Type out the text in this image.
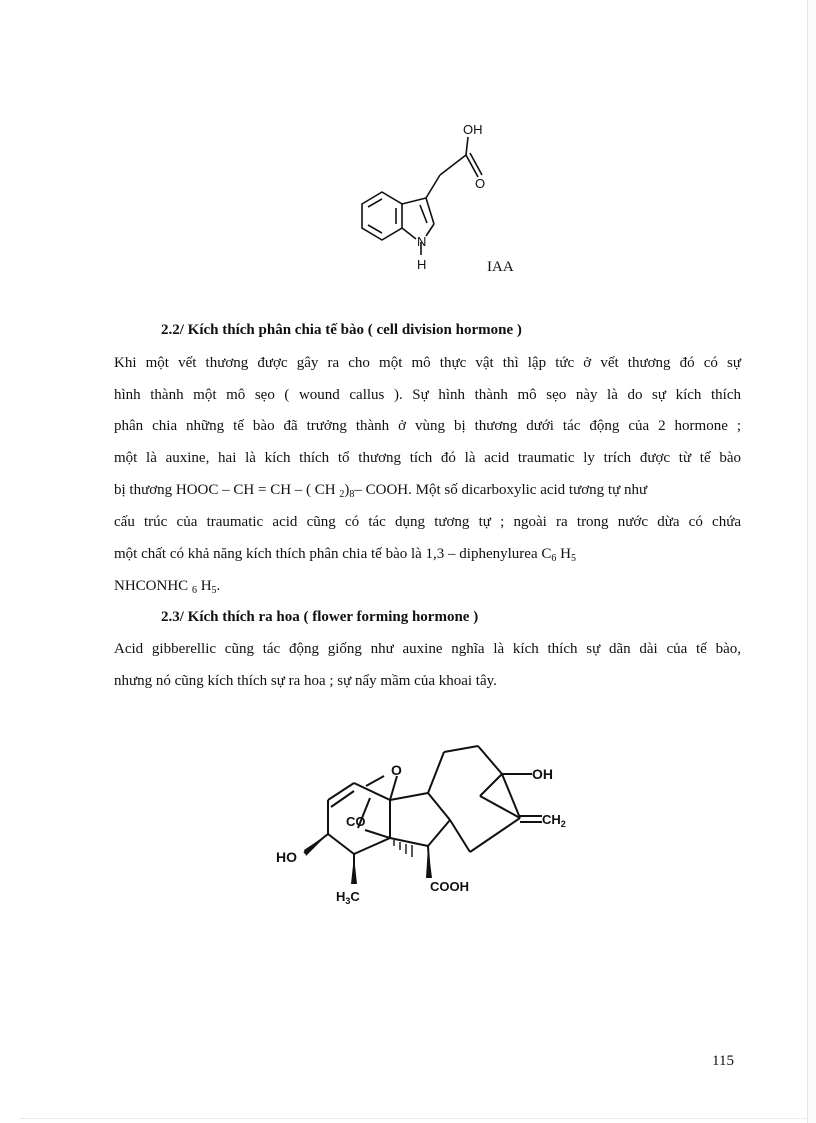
OH
O
N
H	IAA
2.2/ Kích thích phân chia tế bào ( cell division hormone )
Khi một vết thương được gây ra cho một mô thực vật thì lập tức ở vết thương đó có sự
hình thành một mô sẹo ( wound callus ). Sự hình thành mô sẹo này là do sự kích thích
phân chia những tế bào đã trưởng thành ở vùng bị thương dưới tác động của 2 hormone ;
một là auxine, hai là kích thích tổ thương tích đó là acid traumatic ly trích được từ tế bào
bị thương HOOC – CH = CH – ( CH $_2)_8-$ COOH. Một số dicarboxylic acid tương tự như
cấu trúc của traumatic acid cũng có tác dụng tương tự ; ngoài ra trong nước dừa có chứa
một chất có khả năng kích thích phân chia tế bào là 1,3 – diphenylurea $C_6$ $H_5$
NHCONHC $_6$ $H_5$.
2.3/ Kích thích ra hoa ( flower forming hormone )
Acid gibberellic cũng tác động giống như auxine nghĩa là kích thích sự dãn dài của tế bào,
nhưng nó cũng kích thích sự ra hoa ; sự nẩy mầm của khoai tây.
O
CO
OH
HO
$CH_2$
$H_3C$
COOH
115
